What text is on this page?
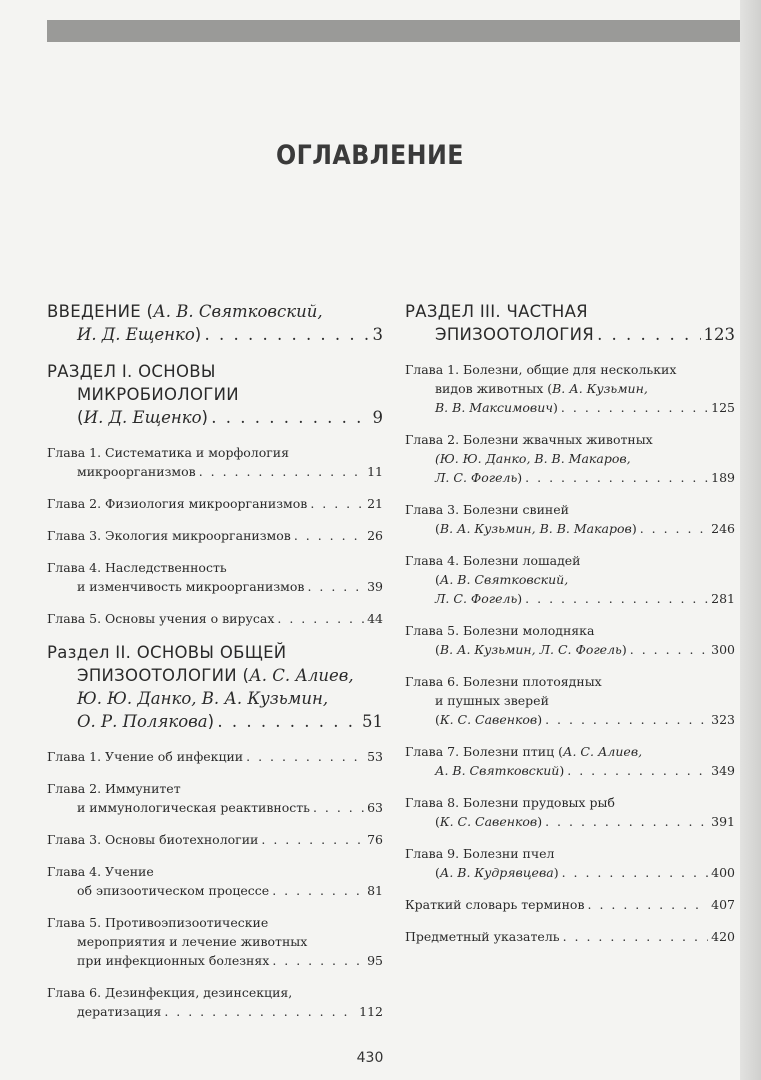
ОГЛАВЛЕНИЕ
ВВЕДЕНИЕ ( А. В. Святковский,
И. Д. Ещенко ) . . .	3
РАЗДЕЛ I. ОСНОВЫ
МИКРОБИОЛОГИИ
( И. Д. Ещенко ) . . .	9
Глава 1. Систематика и морфология
микроорганизмов . . .	11
Глава 2. Физиология микроорганизмов . . .	21
Глава 3. Экология микроорганизмов . . .	26
Глава 4. Наследственность
и изменчивость микроорганизмов . . .	39
Глава 5. Основы учения о вирусах . . .	44
Раздел II. ОСНОВЫ ОБЩЕЙ
ЭПИЗООТОЛОГИИ ( А. С. Алиев,
Ю. Ю. Данко, В. А. Кузьмин,
О. Р. Полякова ) . . .	51
Глава 1. Учение об инфекции . . .	53
Глава 2. Иммунитет
и иммунологическая реактивность . . .	63
Глава 3. Основы биотехнологии . . .	76
Глава 4. Учение
об эпизоотическом процессе . . .	81
Глава 5. Противоэпизоотические
мероприятия и лечение животных
при инфекционных болезнях . . .	95
Глава 6. Дезинфекция, дезинсекция,
дератизация . . .	112
РАЗДЕЛ III. ЧАСТНАЯ
ЭПИЗООТОЛОГИЯ . . .	123
Глава 1. Болезни, общие для нескольких
видов животных ( В. А. Кузьмин,
В. В. Максимович ) . . .	125
Глава 2. Болезни жвачных животных
(Ю. Ю. Данко, В. В. Макаров,
Л. С. Фогель ) . . .	189
Глава 3. Болезни свиней
( В. А. Кузьмин, В. В. Макаров ) . . .	246
Глава 4. Болезни лошадей
( А. В. Святковский,
Л. С. Фогель ) . . .	281
Глава 5. Болезни молодняка
( В. А. Кузьмин, Л. С. Фогель ) . . .	300
Глава 6. Болезни плотоядных
и пушных зверей
( К. С. Савенков ) . . .	323
Глава 7. Болезни птиц ( А. С. Алиев,
А. В. Святковский ) . . .	349
Глава 8. Болезни прудовых рыб
( К. С. Савенков ) . . .	391
Глава 9. Болезни пчел
( А. В. Кудрявцева ) . . .	400
Краткий словарь терминов . . .	407
Предметный указатель . . .	420
430
